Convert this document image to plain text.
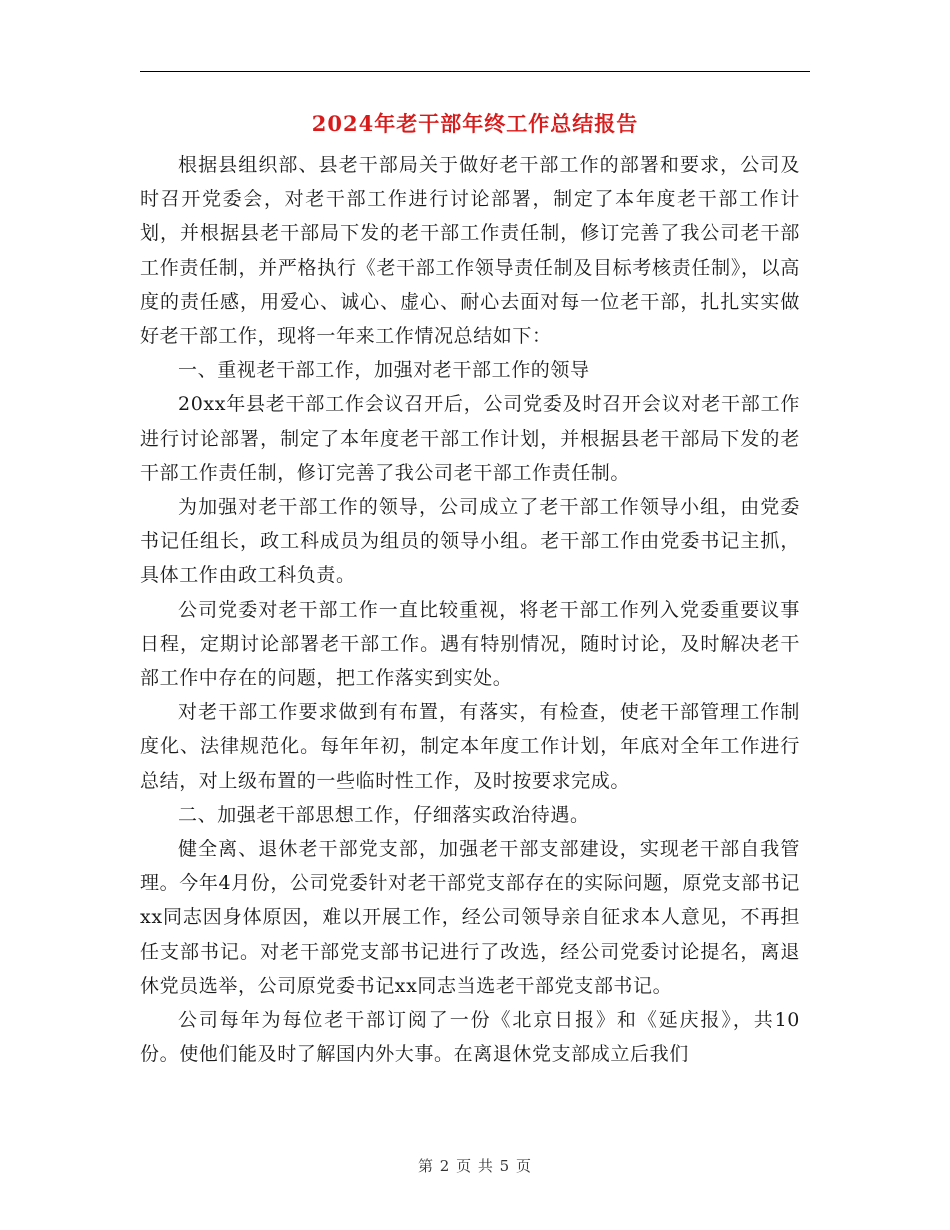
2024年老干部年终工作总结报告

根据县组织部、县老干部局关于做好老干部工作的部署和要求，公司及时召开党委会，对老干部工作进行讨论部署，制定了本年度老干部工作计划，并根据县老干部局下发的老干部工作责任制，修订完善了我公司老干部工作责任制，并严格执行《老干部工作领导责任制及目标考核责任制》，以高度的责任感，用爱心、诚心、虚心、耐心去面对每一位老干部，扎扎实实做好老干部工作，现将一年来工作情况总结如下：

一、重视老干部工作，加强对老干部工作的领导

20xx年县老干部工作会议召开后，公司党委及时召开会议对老干部工作进行讨论部署，制定了本年度老干部工作计划，并根据县老干部局下发的老干部工作责任制，修订完善了我公司老干部工作责任制。

为加强对老干部工作的领导，公司成立了老干部工作领导小组，由党委书记任组长，政工科成员为组员的领导小组。老干部工作由党委书记主抓，具体工作由政工科负责。

公司党委对老干部工作一直比较重视，将老干部工作列入党委重要议事日程，定期讨论部署老干部工作。遇有特别情况，随时讨论，及时解决老干部工作中存在的问题，把工作落实到实处。

对老干部工作要求做到有布置，有落实，有检查，使老干部管理工作制度化、法律规范化。每年年初，制定本年度工作计划，年底对全年工作进行总结，对上级布置的一些临时性工作，及时按要求完成。

二、加强老干部思想工作，仔细落实政治待遇。

健全离、退休老干部党支部，加强老干部支部建设，实现老干部自我管理。今年4月份，公司党委针对老干部党支部存在的实际问题，原党支部书记xx同志因身体原因，难以开展工作，经公司领导亲自征求本人意见，不再担任支部书记。对老干部党支部书记进行了改选，经公司党委讨论提名，离退休党员选举，公司原党委书记xx同志当选老干部党支部书记。

公司每年为每位老干部订阅了一份《北京日报》和《延庆报》，共10份。使他们能及时了解国内外大事。在离退休党支部成立后我们

第 2 页 共 5 页
